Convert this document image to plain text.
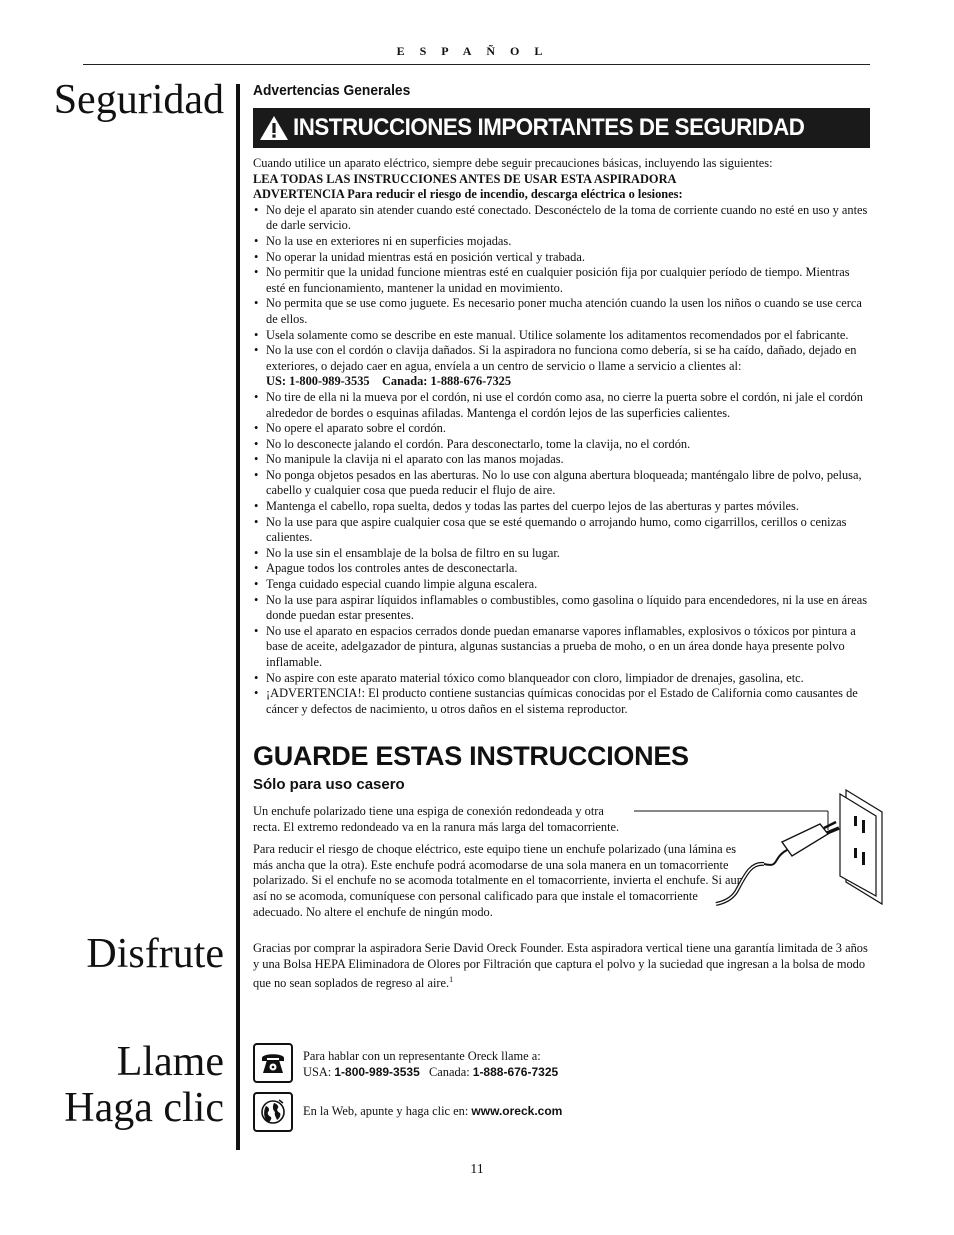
ESPAÑOL
Seguridad
Disfrute
Llame
Haga clic
Advertencias Generales
INSTRUCCIONES IMPORTANTES DE SEGURIDAD

Cuando utilice un aparato eléctrico, siempre debe seguir precauciones básicas, incluyendo las siguientes:

LEA TODAS LAS INSTRUCCIONES ANTES DE USAR ESTA ASPIRADORA

ADVERTENCIA Para reducir el riesgo de incendio, descarga eléctrica o lesiones:

• No deje el aparato sin atender cuando esté conectado. Desconéctelo de la toma de corriente cuando no esté en uso y antes de darle servicio.
• No la use en exteriores ni en superficies mojadas.
• No operar la unidad mientras está en posición vertical y trabada.
• No permitir que la unidad funcione mientras esté en cualquier posición fija por cualquier período de tiempo. Mientras esté en funcionamiento, mantener la unidad en movimiento.
• No permita que se use como juguete. Es necesario poner mucha atención cuando la usen los niños o cuando se use cerca de ellos.
• Usela solamente como se describe en este manual. Utilice solamente los aditamentos recomendados por el fabricante.
• No la use con el cordón o clavija dañados. Si la aspiradora no funciona como debería, si se ha caído, dañado, dejado en exteriores, o dejado caer en agua, envíela a un centro de servicio o llame a servicio a clientes al:
US: 1-800-989-3535    Canada: 1-888-676-7325
• No tire de ella ni la mueva por el cordón, ni use el cordón como asa, no cierre la puerta sobre el cordón, ni jale el cordón alrededor de bordes o esquinas afiladas. Mantenga el cordón lejos de las superficies calientes.
• No opere el aparato sobre el cordón.
• No lo desconecte jalando el cordón. Para desconectarlo, tome la clavija, no el cordón.
• No manipule la clavija ni el aparato con las manos mojadas.
• No ponga objetos pesados en las aberturas. No lo use con alguna abertura bloqueada; manténgalo libre de polvo, pelusa, cabello y cualquier cosa que pueda reducir el flujo de aire.
• Mantenga el cabello, ropa suelta, dedos y todas las partes del cuerpo lejos de las aberturas y partes móviles.
• No la use para que aspire cualquier cosa que se esté quemando o arrojando humo, como cigarrillos, cerillos o cenizas calientes.
• No la use sin el ensamblaje de la bolsa de filtro en su lugar.
• Apague todos los controles antes de desconectarla.
• Tenga cuidado especial cuando limpie alguna escalera.
• No la use para aspirar líquidos inflamables o combustibles, como gasolina o líquido para encendedores, ni la use en áreas donde puedan estar presentes.
• No use el aparato en espacios cerrados donde puedan emanarse vapores inflamables, explosivos o tóxicos por pintura a base de aceite, adelgazador de pintura, algunas sustancias a prueba de moho, o en un área donde haya presente polvo inflamable.
• No aspire con este aparato material tóxico como blanqueador con cloro, limpiador de drenajes, gasolina, etc.
• ¡ADVERTENCIA!: El producto contiene sustancias químicas conocidas por el Estado de California como causantes de cáncer y defectos de nacimiento, u otros daños en el sistema reproductor.
GUARDE ESTAS INSTRUCCIONES
Sólo para uso casero

Un enchufe polarizado tiene una espiga de conexión redondeada y otra recta. El extremo redondeado va en la ranura más larga del tomacorriente.

Para reducir el riesgo de choque eléctrico, este equipo tiene un enchufe polarizado (una lámina es más ancha que la otra). Este enchufe podrá acomodarse de una sola manera en un tomacorriente polarizado. Si el enchufe no se acomoda totalmente en el tomacorriente, invierta el enchufe. Si aun así no se acomoda, comuníquese con personal calificado para que instale el tomacorriente adecuado. No altere el enchufe de ningún modo.

Gracias por comprar la aspiradora Serie David Oreck Founder. Esta aspiradora vertical tiene una garantía limitada de 3 años y una Bolsa HEPA Eliminadora de Olores por Filtración que captura el polvo y la suciedad que ingresan a la bolsa de modo que no sean soplados de regreso al aire.$^1$
Para hablar con un representante Oreck llame a:
USA: 1-800-989-3535 Canada: 1-888-676-7325
En la Web, apunte y haga clic en: www.oreck.com
11
